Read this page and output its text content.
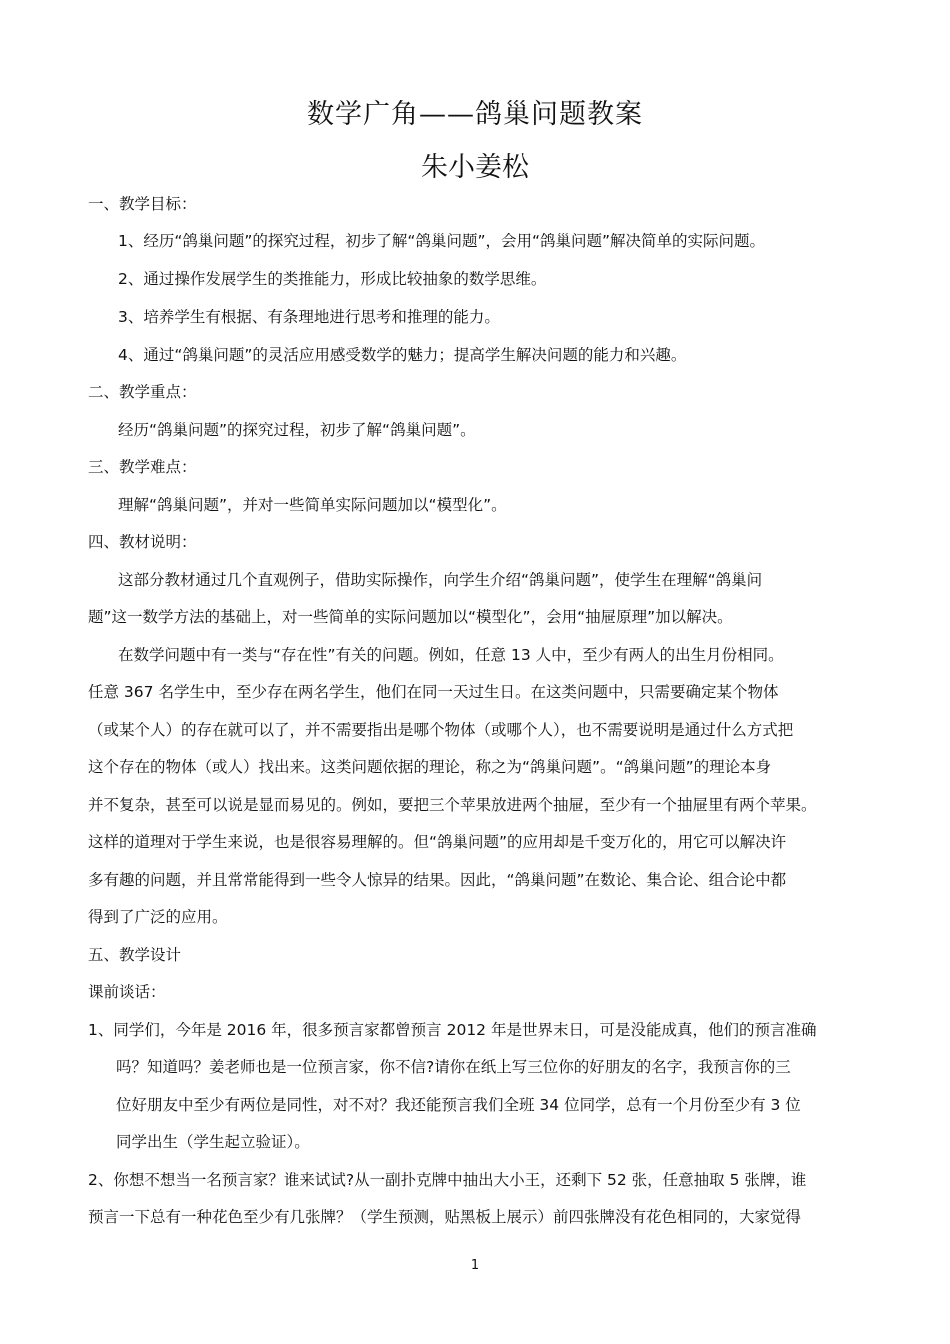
数学广角——鸽巢问题教案
朱小姜松
一、教学目标：
1、经历“鸽巢问题”的探究过程，初步了解“鸽巢问题”，会用“鸽巢问题”解决简单的实际问题。
2、通过操作发展学生的类推能力，形成比较抽象的数学思维。
3、培养学生有根据、有条理地进行思考和推理的能力。
4、通过“鸽巢问题”的灵活应用感受数学的魅力；提高学生解决问题的能力和兴趣。
二、教学重点：
经历“鸽巢问题”的探究过程，初步了解“鸽巢问题”。
三、教学难点：
理解“鸽巢问题”，并对一些简单实际问题加以“模型化”。
四、教材说明：
这部分教材通过几个直观例子，借助实际操作，向学生介绍“鸽巢问题”，使学生在理解“鸽巢问
题”这一数学方法的基础上，对一些简单的实际问题加以“模型化”，会用“抽屉原理”加以解决。
在数学问题中有一类与“存在性”有关的问题。例如，任意 13 人中，至少有两人的出生月份相同。
任意 367 名学生中，至少存在两名学生，他们在同一天过生日。在这类问题中，只需要确定某个物体
（或某个人）的存在就可以了，并不需要指出是哪个物体（或哪个人），也不需要说明是通过什么方式把
这个存在的物体（或人）找出来。这类问题依据的理论，称之为“鸽巢问题”。“鸽巢问题”的理论本身
并不复杂，甚至可以说是显而易见的。例如，要把三个苹果放进两个抽屉，至少有一个抽屉里有两个苹果。
这样的道理对于学生来说，也是很容易理解的。但“鸽巢问题”的应用却是千变万化的，用它可以解决许
多有趣的问题，并且常常能得到一些令人惊异的结果。因此，“鸽巢问题”在数论、集合论、组合论中都
得到了广泛的应用。
五、教学设计
课前谈话：
1、同学们，今年是 2016 年，很多预言家都曾预言 2012 年是世界末日，可是没能成真，他们的预言准确
吗？知道吗？姜老师也是一位预言家，你不信?请你在纸上写三位你的好朋友的名字，我预言你的三
位好朋友中至少有两位是同性，对不对？我还能预言我们全班 34 位同学，总有一个月份至少有 3 位
同学出生（学生起立验证）。
2、你想不想当一名预言家？谁来试试?从一副扑克牌中抽出大小王，还剩下 52 张，任意抽取 5 张牌，谁
预言一下总有一种花色至少有几张牌？（学生预测，贴黑板上展示）前四张牌没有花色相同的，大家觉得
1
